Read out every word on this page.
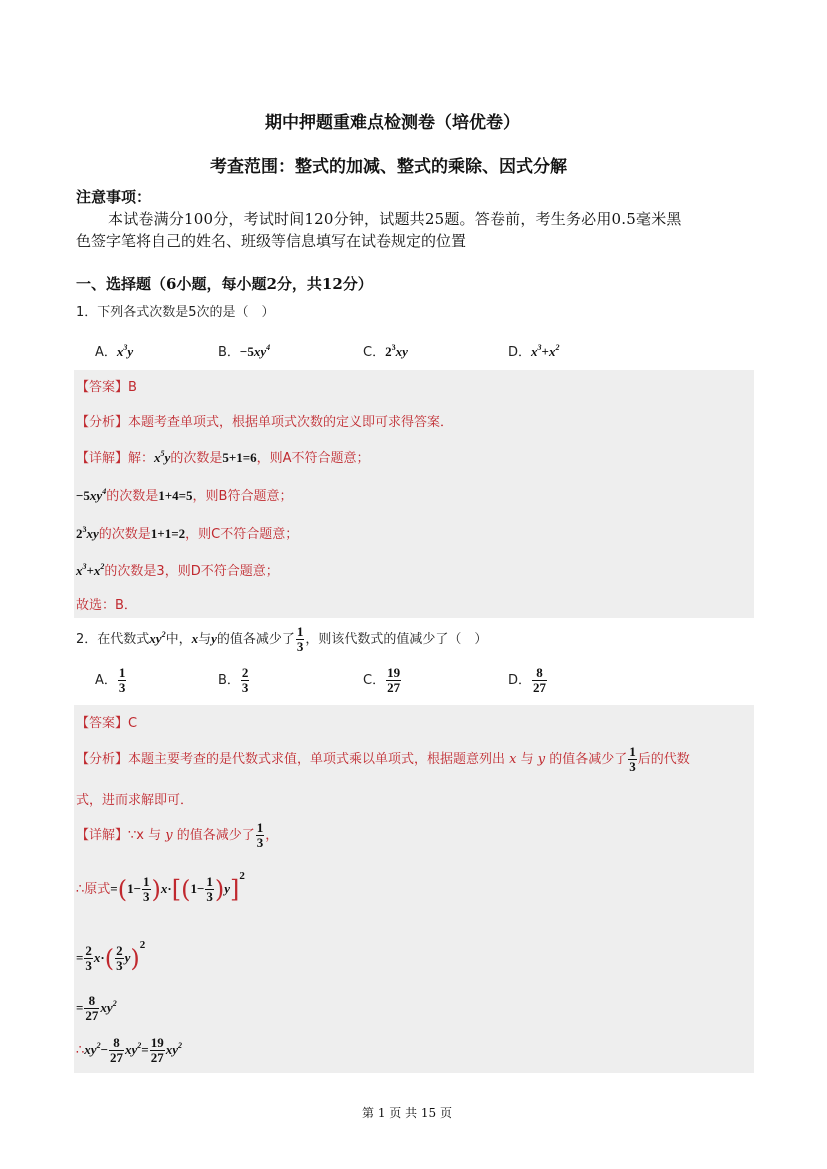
期中押题重难点检测卷（培优卷）
考查范围：整式的加减、整式的乘除、因式分解
注意事项：
本试卷满分100分，考试时间120分钟，试题共25题。答卷前，考生务必用0.5毫米黑
色签字笔将自己的姓名、班级等信息填写在试卷规定的位置
一、选择题（6小题，每小题2分，共12分）
1．下列各式次数是5次的是（　）
A．$x^3y$	B．$-5xy^4$	C．$2^3xy$	D．$x^3+x^2$
【答案】B
【分析】本题考查单项式，根据单项式次数的定义即可求得答案．
【详解】解：$x^5y$的次数是5+1=6，则A不符合题意；
$-5xy^4$的次数是1+4=5，则B符合题意；
$2^3xy$的次数是1+1=2，则C不符合题意；
$x^3+x^2$的次数是3，则D不符合题意；
故选：B．
2．在代数式$xy^2$中，x与y的值各减少了 $\frac{1}{3}$ ，则该代数式的值减少了（　）
A． $\frac{1}{3}$	B． $\frac{2}{3}$	C． $\frac{19}{27}$	D． $\frac{8}{27}$
【答案】C
【分析】本题主要考查的是代数式求值，单项式乘以单项式，根据题意列出 x 与 y 的值各减少了 $\frac{1}{3}$ 后的代数
式，进而求解即可．
【详解】∵x 与 y 的值各减少了 $\frac{1}{3}$ ，
∴原式$=(1- \frac{1}{3} )x\cdot[(1- \frac{1}{3} )y]^2$
= $\frac{2}{3} x\cdot( \frac{2}{3} y)^2$
= $\frac{8}{27} xy^2$
$\therefore xy^2- \frac{8}{27} xy^2= \frac{19}{27} xy^2$
第 1 页 共 15 页
